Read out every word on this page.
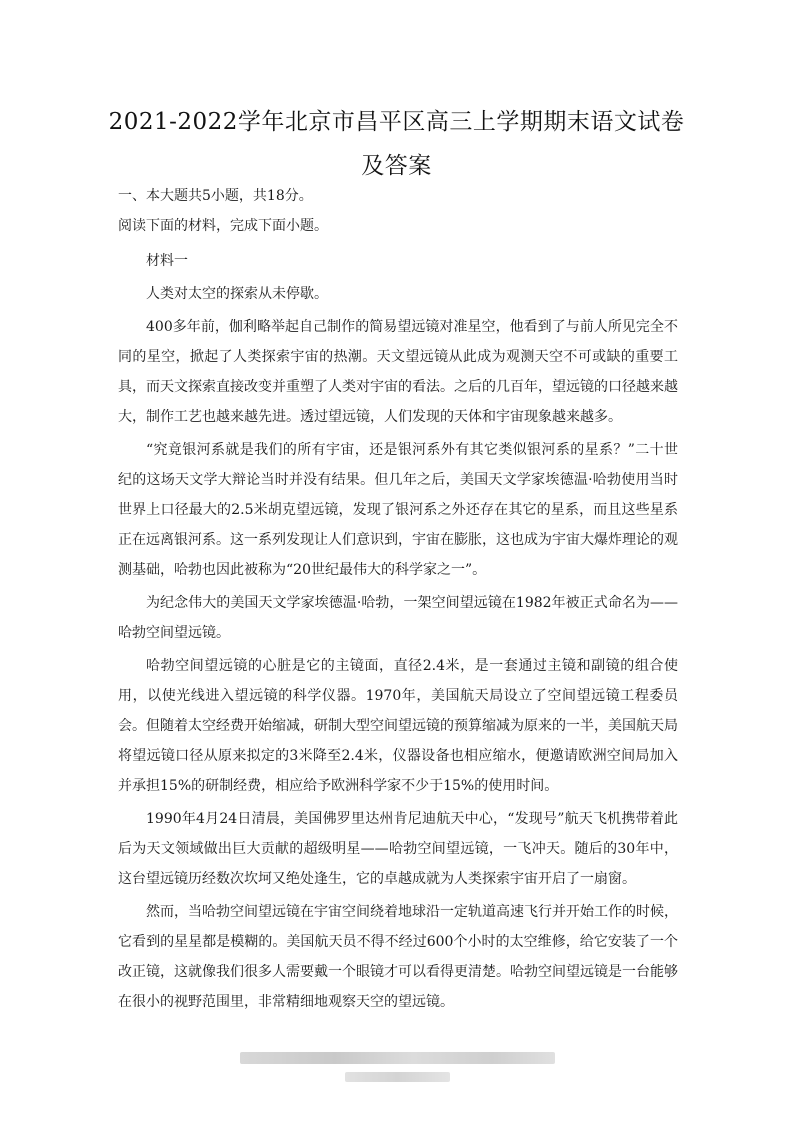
2021-2022学年北京市昌平区高三上学期期末语文试卷及答案
一、本大题共5小题，共18分。
阅读下面的材料，完成下面小题。

材料一

人类对太空的探索从未停歇。

400多年前，伽利略举起自己制作的简易望远镜对准星空，他看到了与前人所见完全不同的星空，掀起了人类探索宇宙的热潮。天文望远镜从此成为观测天空不可或缺的重要工具，而天文探索直接改变并重塑了人类对宇宙的看法。之后的几百年，望远镜的口径越来越大，制作工艺也越来越先进。透过望远镜，人们发现的天体和宇宙现象越来越多。

“究竟银河系就是我们的所有宇宙，还是银河系外有其它类似银河系的星系？”二十世纪的这场天文学大辩论当时并没有结果。但几年之后，美国天文学家埃德温·哈勃使用当时世界上口径最大的2.5米胡克望远镜，发现了银河系之外还存在其它的星系，而且这些星系正在远离银河系。这一系列发现让人们意识到，宇宙在膨胀，这也成为宇宙大爆炸理论的观测基础，哈勃也因此被称为“20世纪最伟大的科学家之一”。

为纪念伟大的美国天文学家埃德温·哈勃，一架空间望远镜在1982年被正式命名为——哈勃空间望远镜。

哈勃空间望远镜的心脏是它的主镜面，直径2.4米，是一套通过主镜和副镜的组合使用，以使光线进入望远镜的科学仪器。1970年，美国航天局设立了空间望远镜工程委员会。但随着太空经费开始缩减，研制大型空间望远镜的预算缩减为原来的一半，美国航天局将望远镜口径从原来拟定的3米降至2.4米，仪器设备也相应缩水，便邀请欧洲空间局加入并承担15%的研制经费，相应给予欧洲科学家不少于15%的使用时间。

1990年4月24日清晨，美国佛罗里达州肯尼迪航天中心，“发现号”航天飞机携带着此后为天文领域做出巨大贡献的超级明星——哈勃空间望远镜，一飞冲天。随后的30年中，这台望远镜历经数次坎坷又绝处逢生，它的卓越成就为人类探索宇宙开启了一扇窗。

然而，当哈勃空间望远镜在宇宙空间绕着地球沿一定轨道高速飞行并开始工作的时候，它看到的星星都是模糊的。美国航天员不得不经过600个小时的太空维修，给它安装了一个改正镜，这就像我们很多人需要戴一个眼镜才可以看得更清楚。哈勃空间望远镜是一台能够在很小的视野范围里，非常精细地观察天空的望远镜。
